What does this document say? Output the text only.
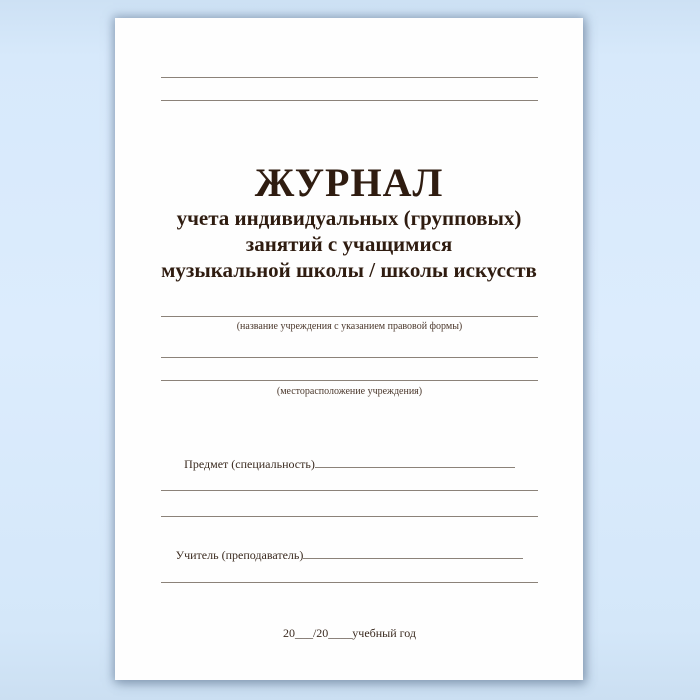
ЖУРНАЛ
учета индивидуальных (групповых)
занятий с учащимися
музыкальной школы / школы искусств
(название учреждения с указанием правовой формы)
(месторасположение учреждения)
Предмет (специальность)
Учитель (преподаватель)
20___/20____учебный год
